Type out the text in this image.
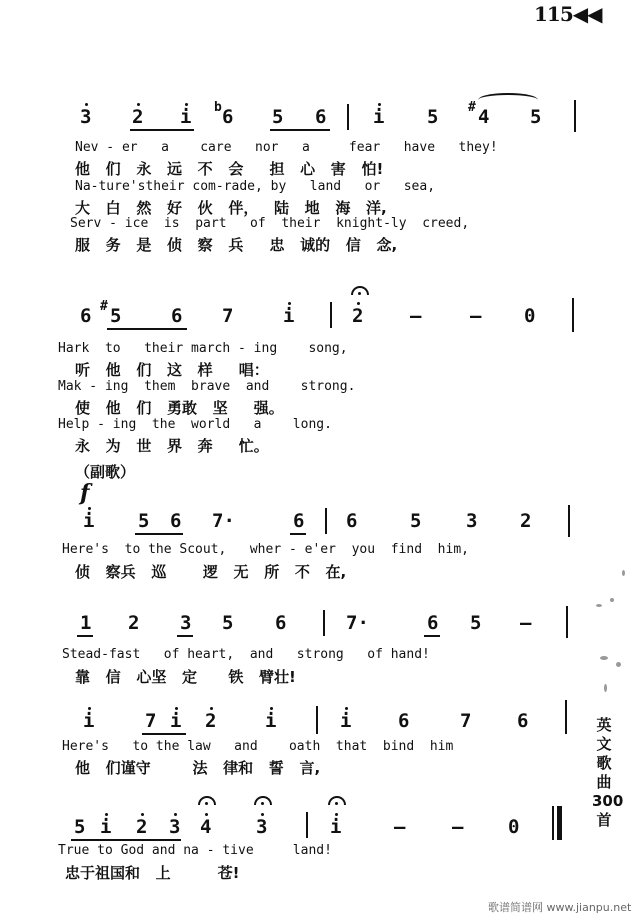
115◀◀
3 2 i b 6 5 6 i 5 # 4 5
Nev - er   a    care   nor   a     fear   have   they!
他   们   永   远   不   会     担   心   害   怕!
Na-ture'stheir com-rade, by   land   or   sea,
大   白   然   好   伙   伴，   陆   地   海   洋,
Serv - ice  is  part   of  their  knight-ly  creed,
服   务   是   侦   察   兵     忠   诚的   信   念,
6 # 5	6 7	i	2 –	– 0
Hark  to   their march - ing    song,
听   他   们   这   样     唱：
Mak - ing  them  brave  and    strong.
使   他   们   勇敢   坚     强。
Help - ing  the  world   a    long.
永   为   世   界   奔     忙。
（副歌）
f
i 5 6 7·	6 6	5 3 2
Here's  to the Scout,   wher - e'er  you  find  him,
侦   察兵   巡       逻   无   所   不   在,
1 2 3 5 6	7·	6 5 –
Stead-fast   of heart,  and   strong   of hand!
靠   信   心坚   定      铁   臂壮!
i	7 i 2	i	i 6	7 6
Here's   to the law   and    oath  that  bind  him
他   们谨守        法   律和   誓   言,
5 i 2 3 4 3	i	– – 0
True to God and na - tive     land!
忠于祖国和   上         苍!
英文歌曲300首
歌谱简谱网 www.jianpu.net
